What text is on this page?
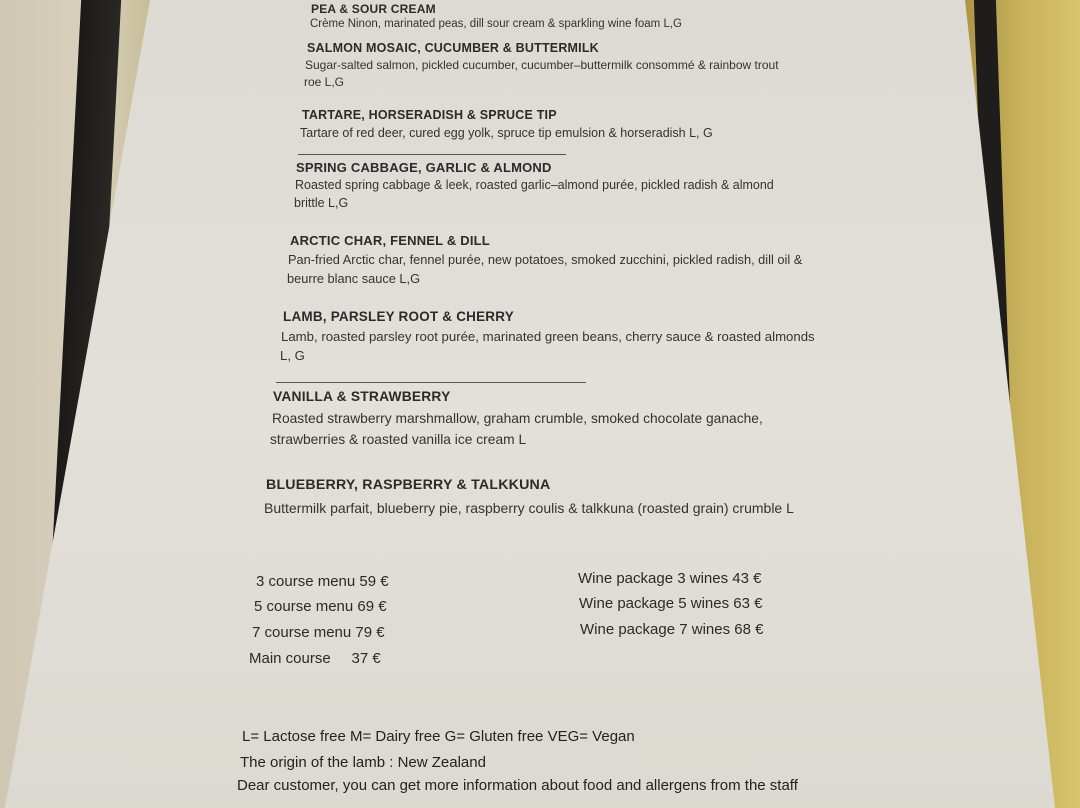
PEA & SOUR CREAM
Crème Ninon, marinated peas, dill sour cream & sparkling wine foam L,G
SALMON MOSAIC, CUCUMBER & BUTTERMILK
Sugar-salted salmon, pickled cucumber, cucumber–buttermilk consommé & rainbow trout
roe L,G
TARTARE, HORSERADISH & SPRUCE TIP
Tartare of red deer, cured egg yolk, spruce tip emulsion & horseradish L, G
SPRING CABBAGE, GARLIC & ALMOND
Roasted spring cabbage & leek, roasted garlic–almond purée, pickled radish & almond
brittle L,G
ARCTIC CHAR, FENNEL & DILL
Pan-fried Arctic char, fennel purée, new potatoes, smoked zucchini, pickled radish, dill oil &
beurre blanc sauce L,G
LAMB, PARSLEY ROOT & CHERRY
Lamb, roasted parsley root purée, marinated green beans, cherry sauce & roasted almonds
L, G
VANILLA & STRAWBERRY
Roasted strawberry marshmallow, graham crumble, smoked chocolate ganache,
strawberries & roasted vanilla ice cream L
BLUEBERRY, RASPBERRY & TALKKUNA
Buttermilk parfait, blueberry pie, raspberry coulis & talkkuna (roasted grain) crumble L
3 course menu 59 €
5 course menu 69 €
7 course menu 79 €
Main course     37 €
Wine package 3 wines 43 €
Wine package 5 wines 63 €
Wine package 7 wines 68 €
L= Lactose free M= Dairy free G= Gluten free VEG= Vegan
The origin of the lamb : New Zealand
Dear customer, you can get more information about food and allergens from the staff
